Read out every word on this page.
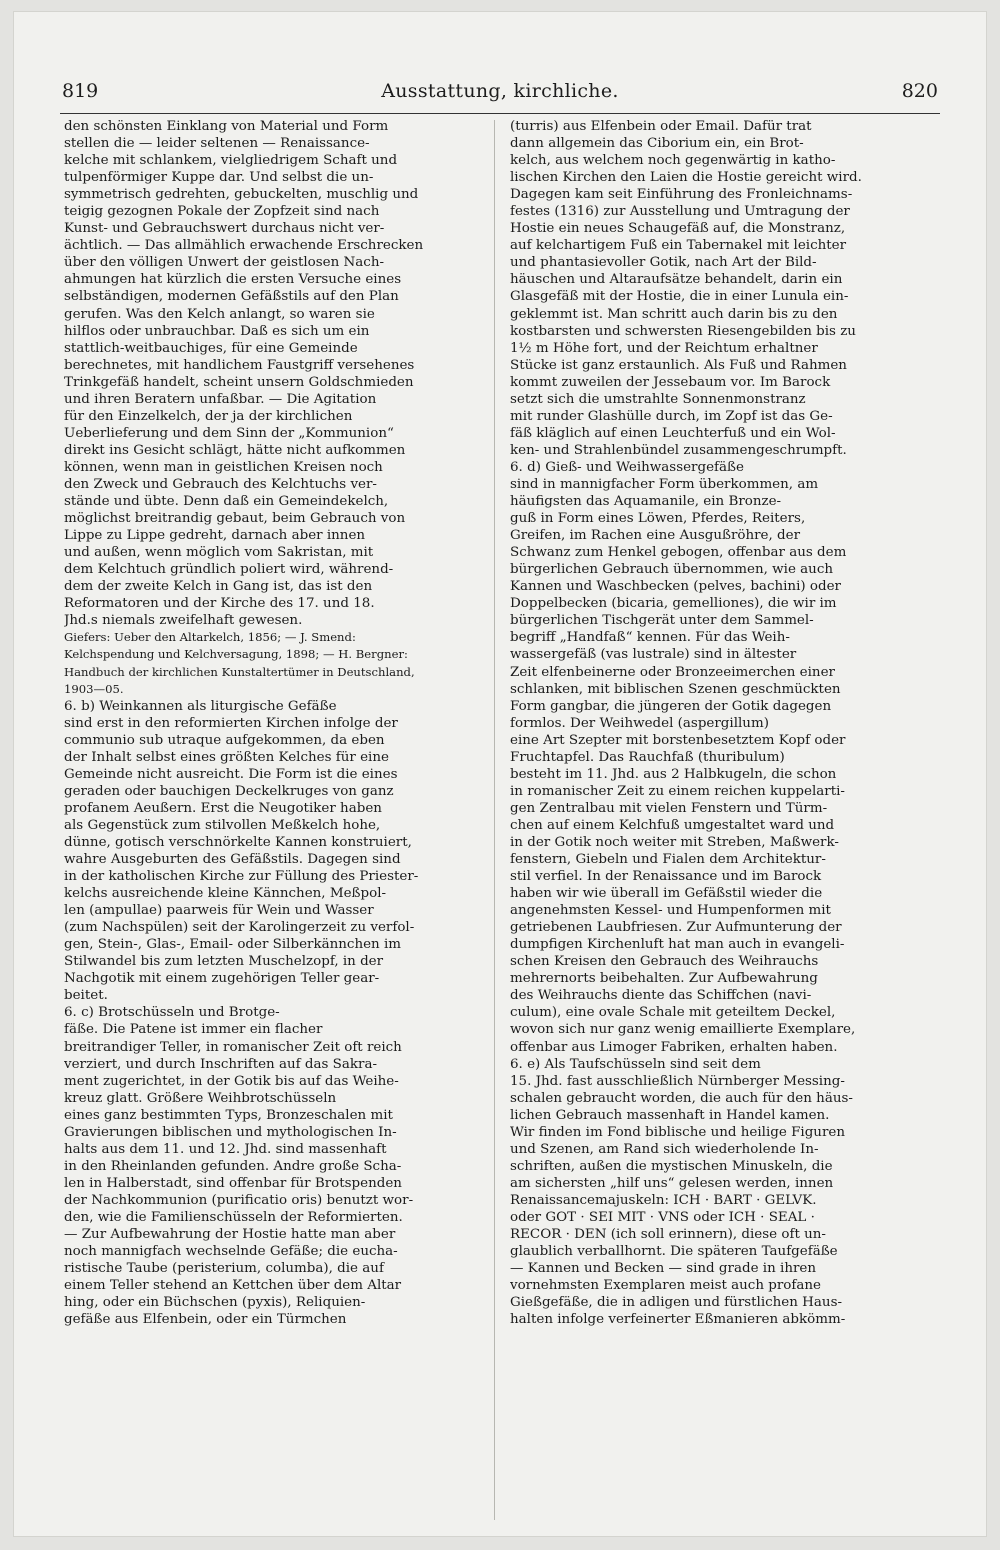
819	Ausstattung, kirchliche.	820
den schönsten Einklang von Material und Form
stellen die — leider seltenen — Renaissance-
kelche mit schlankem, vielgliedrigem Schaft und
tulpenförmiger Kuppe dar. Und selbst die un-
symmetrisch gedrehten, gebuckelten, muschlig und
teigig gezognen Pokale der Zopfzeit sind nach
Kunst- und Gebrauchswert durchaus nicht ver-
ächtlich. — Das allmählich erwachende Erschrecken
über den völligen Unwert der geistlosen Nach-
ahmungen hat kürzlich die ersten Versuche eines
selbständigen, modernen Gefäßstils auf den Plan
gerufen. Was den Kelch anlangt, so waren sie
hilflos oder unbrauchbar. Daß es sich um ein
stattlich-weitbauchiges, für eine Gemeinde
berechnetes, mit handlichem Faustgriff versehenes
Trinkgefäß handelt, scheint unsern Goldschmieden
und ihren Beratern unfaßbar. — Die Agitation
für den Einzelkelch, der ja der kirchlichen
Ueberlieferung und dem Sinn der „Kommunion“
direkt ins Gesicht schlägt, hätte nicht aufkommen
können, wenn man in geistlichen Kreisen noch
den Zweck und Gebrauch des Kelchtuchs ver-
stände und übte. Denn daß ein Gemeindekelch,
möglichst breitrandig gebaut, beim Gebrauch von
Lippe zu Lippe gedreht, darnach aber innen
und außen, wenn möglich vom Sakristan, mit
dem Kelchtuch gründlich poliert wird, während-
dem der zweite Kelch in Gang ist, das ist den
Reformatoren und der Kirche des 17. und 18.
Jhd.s niemals zweifelhaft gewesen.
Giefers: Ueber den Altarkelch, 1856; — J. Smend:
Kelchspendung und Kelchversagung, 1898; — H. Bergner:
Handbuch der kirchlichen Kunstaltertümer in Deutschland,
1903—05.
6. b) Weinkannen als liturgische Gefäße
sind erst in den reformierten Kirchen infolge der
communio sub utraque aufgekommen, da eben
der Inhalt selbst eines größten Kelches für eine
Gemeinde nicht ausreicht. Die Form ist die eines
geraden oder bauchigen Deckelkruges von ganz
profanem Aeußern. Erst die Neugotiker haben
als Gegenstück zum stilvollen Meßkelch hohe,
dünne, gotisch verschnörkelte Kannen konstruiert,
wahre Ausgeburten des Gefäßstils. Dagegen sind
in der katholischen Kirche zur Füllung des Priester-
kelchs ausreichende kleine Kännchen, Meßpol-
len (ampullae) paarweis für Wein und Wasser
(zum Nachspülen) seit der Karolingerzeit zu verfol-
gen, Stein-, Glas-, Email- oder Silberkännchen im
Stilwandel bis zum letzten Muschelzopf, in der
Nachgotik mit einem zugehörigen Teller gear-
beitet.
6. c) Brotschüsseln und Brotge-
fäße. Die Patene ist immer ein flacher
breitrandiger Teller, in romanischer Zeit oft reich
verziert, und durch Inschriften auf das Sakra-
ment zugerichtet, in der Gotik bis auf das Weihe-
kreuz glatt. Größere Weihbrotschüsseln
eines ganz bestimmten Typs, Bronzeschalen mit
Gravierungen biblischen und mythologischen In-
halts aus dem 11. und 12. Jhd. sind massenhaft
in den Rheinlanden gefunden. Andre große Scha-
len in Halberstadt, sind offenbar für Brotspenden
der Nachkommunion (purificatio oris) benutzt wor-
den, wie die Familienschüsseln der Reformierten.
— Zur Aufbewahrung der Hostie hatte man aber
noch mannigfach wechselnde Gefäße; die eucha-
ristische Taube (peristerium, columba), die auf
einem Teller stehend an Kettchen über dem Altar
hing, oder ein Büchschen (pyxis), Reliquien-
gefäße aus Elfenbein, oder ein Türmchen
(turris) aus Elfenbein oder Email. Dafür trat
dann allgemein das Ciborium ein, ein Brot-
kelch, aus welchem noch gegenwärtig in katho-
lischen Kirchen den Laien die Hostie gereicht wird.
Dagegen kam seit Einführung des Fronleichnams-
festes (1316) zur Ausstellung und Umtragung der
Hostie ein neues Schaugefäß auf, die Monstranz,
auf kelchartigem Fuß ein Tabernakel mit leichter
und phantasievoller Gotik, nach Art der Bild-
häuschen und Altaraufsätze behandelt, darin ein
Glasgefäß mit der Hostie, die in einer Lunula ein-
geklemmt ist. Man schritt auch darin bis zu den
kostbarsten und schwersten Riesengebilden bis zu
1½ m Höhe fort, und der Reichtum erhaltner
Stücke ist ganz erstaunlich. Als Fuß und Rahmen
kommt zuweilen der Jessebaum vor. Im Barock
setzt sich die umstrahlte Sonnenmonstranz
mit runder Glashülle durch, im Zopf ist das Ge-
fäß kläglich auf einen Leuchterfuß und ein Wol-
ken- und Strahlenbündel zusammengeschrumpft.
6. d) Gieß- und Weihwassergefäße
sind in mannigfacher Form überkommen, am
häufigsten das Aquamanile, ein Bronze-
guß in Form eines Löwen, Pferdes, Reiters,
Greifen, im Rachen eine Ausgußröhre, der
Schwanz zum Henkel gebogen, offenbar aus dem
bürgerlichen Gebrauch übernommen, wie auch
Kannen und Waschbecken (pelves, bachini) oder
Doppelbecken (bicaria, gemelliones), die wir im
bürgerlichen Tischgerät unter dem Sammel-
begriff „Handfaß“ kennen. Für das Weih-
wassergefäß (vas lustrale) sind in ältester
Zeit elfenbeinerne oder Bronzeeimerchen einer
schlanken, mit biblischen Szenen geschmückten
Form gangbar, die jüngeren der Gotik dagegen
formlos. Der Weihwedel (aspergillum)
eine Art Szepter mit borstenbesetztem Kopf oder
Fruchtapfel. Das Rauchfaß (thuribulum)
besteht im 11. Jhd. aus 2 Halbkugeln, die schon
in romanischer Zeit zu einem reichen kuppelarti-
gen Zentralbau mit vielen Fenstern und Türm-
chen auf einem Kelchfuß umgestaltet ward und
in der Gotik noch weiter mit Streben, Maßwerk-
fenstern, Giebeln und Fialen dem Architektur-
stil verfiel. In der Renaissance und im Barock
haben wir wie überall im Gefäßstil wieder die
angenehmsten Kessel- und Humpenformen mit
getriebenen Laubfriesen. Zur Aufmunterung der
dumpfigen Kirchenluft hat man auch in evangeli-
schen Kreisen den Gebrauch des Weihrauchs
mehrernorts beibehalten. Zur Aufbewahrung
des Weihrauchs diente das Schiffchen (navi-
culum), eine ovale Schale mit geteiltem Deckel,
wovon sich nur ganz wenig emaillierte Exemplare,
offenbar aus Limoger Fabriken, erhalten haben.
6. e) Als Taufschüsseln sind seit dem
15. Jhd. fast ausschließlich Nürnberger Messing-
schalen gebraucht worden, die auch für den häus-
lichen Gebrauch massenhaft in Handel kamen.
Wir finden im Fond biblische und heilige Figuren
und Szenen, am Rand sich wiederholende In-
schriften, außen die mystischen Minuskeln, die
am sichersten „hilf uns“ gelesen werden, innen
Renaissancemajuskeln: ICH · BART · GELVK.
oder GOT · SEI MIT · VNS oder ICH · SEAL ·
RECOR · DEN (ich soll erinnern), diese oft un-
glaublich verballhornt. Die späteren Taufgefäße
— Kannen und Becken — sind grade in ihren
vornehmsten Exemplaren meist auch profane
Gießgefäße, die in adligen und fürstlichen Haus-
halten infolge verfeinerter Eßmanieren abkömm-
